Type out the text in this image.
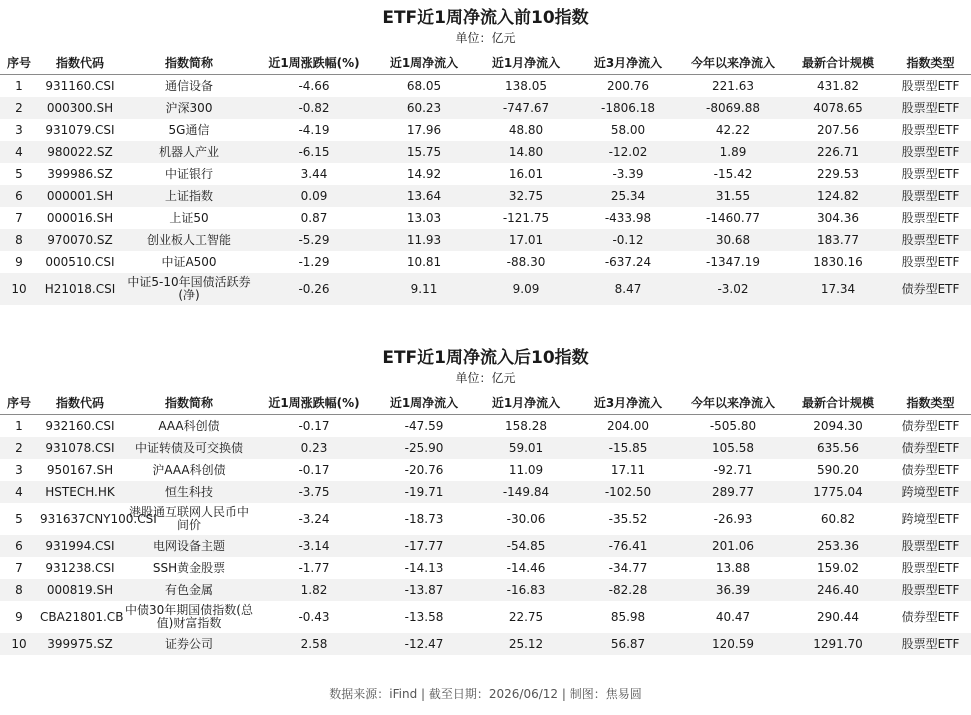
ETF近1周净流入前10指数
单位：亿元
序号	指数代码	指数简称	近1周涨跌幅(%)	近1周净流入	近1月净流入	近3月净流入	今年以来净流入	最新合计规模	指数类型
1	931160.CSI	通信设备	-4.66	68.05	138.05	200.76	221.63	431.82	股票型ETF
2	000300.SH	沪深300	-0.82	60.23	-747.67	-1806.18	-8069.88	4078.65	股票型ETF
3	931079.CSI	5G通信	-4.19	17.96	48.80	58.00	42.22	207.56	股票型ETF
4	980022.SZ	机器人产业	-6.15	15.75	14.80	-12.02	1.89	226.71	股票型ETF
5	399986.SZ	中证银行	3.44	14.92	16.01	-3.39	-15.42	229.53	股票型ETF
6	000001.SH	上证指数	0.09	13.64	32.75	25.34	31.55	124.82	股票型ETF
7	000016.SH	上证50	0.87	13.03	-121.75	-433.98	-1460.77	304.36	股票型ETF
8	970070.SZ	创业板人工智能	-5.29	11.93	17.01	-0.12	30.68	183.77	股票型ETF
9	000510.CSI	中证A500	-1.29	10.81	-88.30	-637.24	-1347.19	1830.16	股票型ETF
10	H21018.CSI	中证5-10年国债活跃券(净)	-0.26	9.11	9.09	8.47	-3.02	17.34	债券型ETF
ETF近1周净流入后10指数
单位：亿元
序号	指数代码	指数简称	近1周涨跌幅(%)	近1周净流入	近1月净流入	近3月净流入	今年以来净流入	最新合计规模	指数类型
1	932160.CSI	AAA科创债	-0.17	-47.59	158.28	204.00	-505.80	2094.30	债券型ETF
2	931078.CSI	中证转债及可交换债	0.23	-25.90	59.01	-15.85	105.58	635.56	债券型ETF
3	950167.SH	沪AAA科创债	-0.17	-20.76	11.09	17.11	-92.71	590.20	债券型ETF
4	HSTECH.HK	恒生科技	-3.75	-19.71	-149.84	-102.50	289.77	1775.04	跨境型ETF
5	931637CNY100.CSI	港股通互联网人民币中间价	-3.24	-18.73	-30.06	-35.52	-26.93	60.82	跨境型ETF
6	931994.CSI	电网设备主题	-3.14	-17.77	-54.85	-76.41	201.06	253.36	股票型ETF
7	931238.CSI	SSH黄金股票	-1.77	-14.13	-14.46	-34.77	13.88	159.02	股票型ETF
8	000819.SH	有色金属	1.82	-13.87	-16.83	-82.28	36.39	246.40	股票型ETF
9	CBA21801.CB	中债30年期国债指数(总值)财富指数	-0.43	-13.58	22.75	85.98	40.47	290.44	债券型ETF
10	399975.SZ	证券公司	2.58	-12.47	25.12	56.87	120.59	1291.70	股票型ETF
数据来源：iFind | 截至日期：2026/06/12 | 制图：焦易圆
